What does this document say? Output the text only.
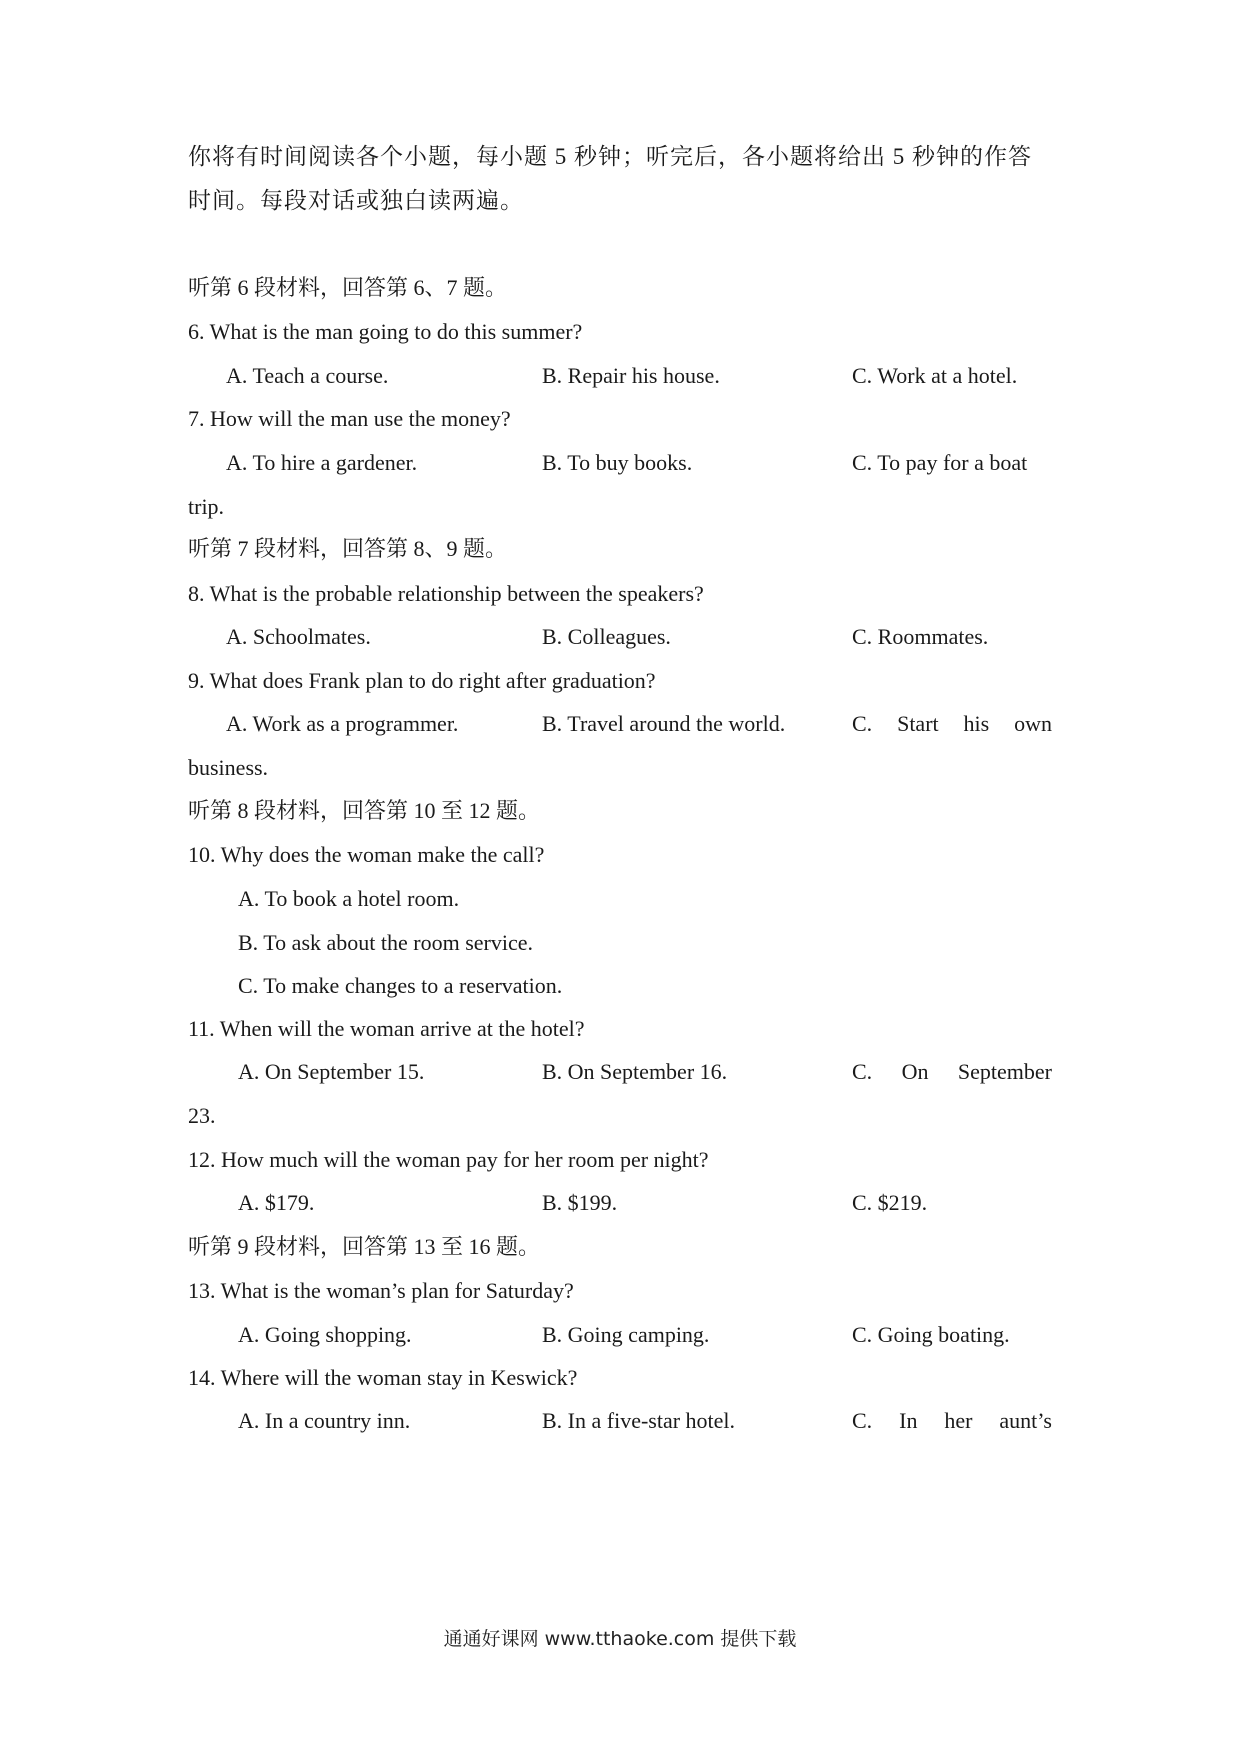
你将有时间阅读各个小题，每小题 5 秒钟；听完后，各小题将给出 5 秒钟的作答
时间。每段对话或独白读两遍。
听第 6 段材料，回答第 6、7 题。
6. What is the man going to do this summer?
A. Teach a course.	B. Repair his house.	C. Work at a hotel.
7. How will the man use the money?
A. To hire a gardener.	B. To buy books.	C. To pay for a boat
trip.
听第 7 段材料，回答第 8、9 题。
8. What is the probable relationship between the speakers?
A. Schoolmates.	B. Colleagues.	C. Roommates.
9. What does Frank plan to do right after graduation?
A. Work as a programmer.	B. Travel around the world.	C. Start his own
business.
听第 8 段材料，回答第 10 至 12 题。
10. Why does the woman make the call?
A. To book a hotel room.
B. To ask about the room service.
C. To make changes to a reservation.
11. When will the woman arrive at the hotel?
A. On September 15.	B. On September 16.	C. On September
23.
12. How much will the woman pay for her room per night?
A. $179.	B. $199.	C. $219.
听第 9 段材料，回答第 13 至 16 题。
13. What is the woman’s plan for Saturday?
A. Going shopping.	B. Going camping.	C. Going boating.
14. Where will the woman stay in Keswick?
A. In a country inn.	B. In a five-star hotel.	C. In her aunt’s
通通好课网 www.tthaoke.com 提供下载
